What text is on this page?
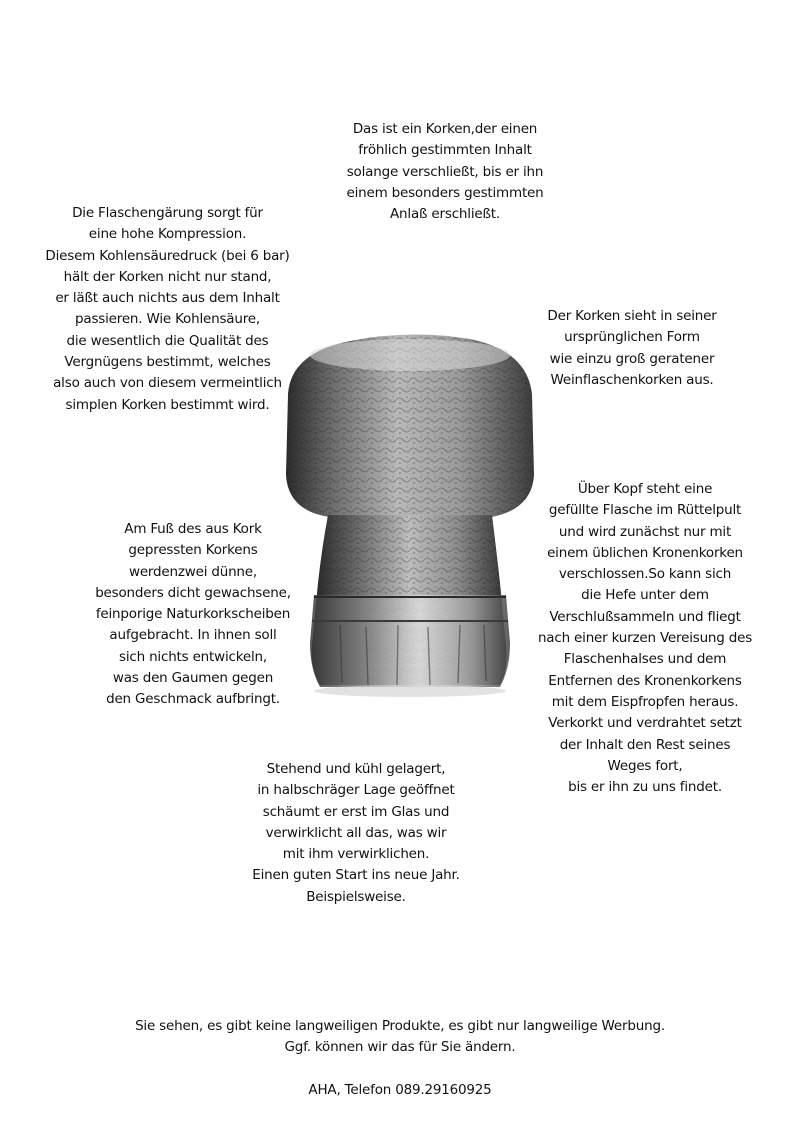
Das ist ein Korken,der einen
fröhlich gestimmten Inhalt
solange verschließt, bis er ihn
einem besonders gestimmten
Anlaß erschließt.
Die Flaschengärung sorgt für
eine hohe Kompression.
Diesem Kohlensäuredruck (bei 6 bar)
hält der Korken nicht nur stand,
er läßt auch nichts aus dem Inhalt
passieren. Wie Kohlensäure,
die wesentlich die Qualität des
Vergnügens bestimmt, welches
also auch von diesem vermeintlich
simplen Korken bestimmt wird.
Der Korken sieht in seiner
ursprünglichen Form
wie einzu groß geratener
Weinflaschenkorken aus.
Am Fuß des aus Kork
gepressten Korkens
werdenzwei dünne,
besonders dicht gewachsene,
feinporige Naturkorkscheiben
aufgebracht. In ihnen soll
sich nichts entwickeln,
was den Gaumen gegen
den Geschmack aufbringt.
Über Kopf steht eine
gefüllte Flasche im Rüttelpult
und wird zunächst nur mit
einem üblichen Kronenkorken
verschlossen.So kann sich
die Hefe unter dem
Verschlußsammeln und fliegt
nach einer kurzen Vereisung des
Flaschenhalses und dem
Entfernen des Kronenkorkens
mit dem Eispfropfen heraus.
Verkorkt und verdrahtet setzt
der Inhalt den Rest seines
Weges fort,
bis er ihn zu uns findet.
Stehend und kühl gelagert,
in halbschräger Lage geöffnet
schäumt er erst im Glas und
verwirklicht all das, was wir
mit ihm verwirklichen.
Einen guten Start ins neue Jahr.
Beispielsweise.
Sie sehen, es gibt keine langweiligen Produkte, es gibt nur langweilige Werbung.
Ggf. können wir das für Sie ändern.
AHA, Telefon 089.29160925
